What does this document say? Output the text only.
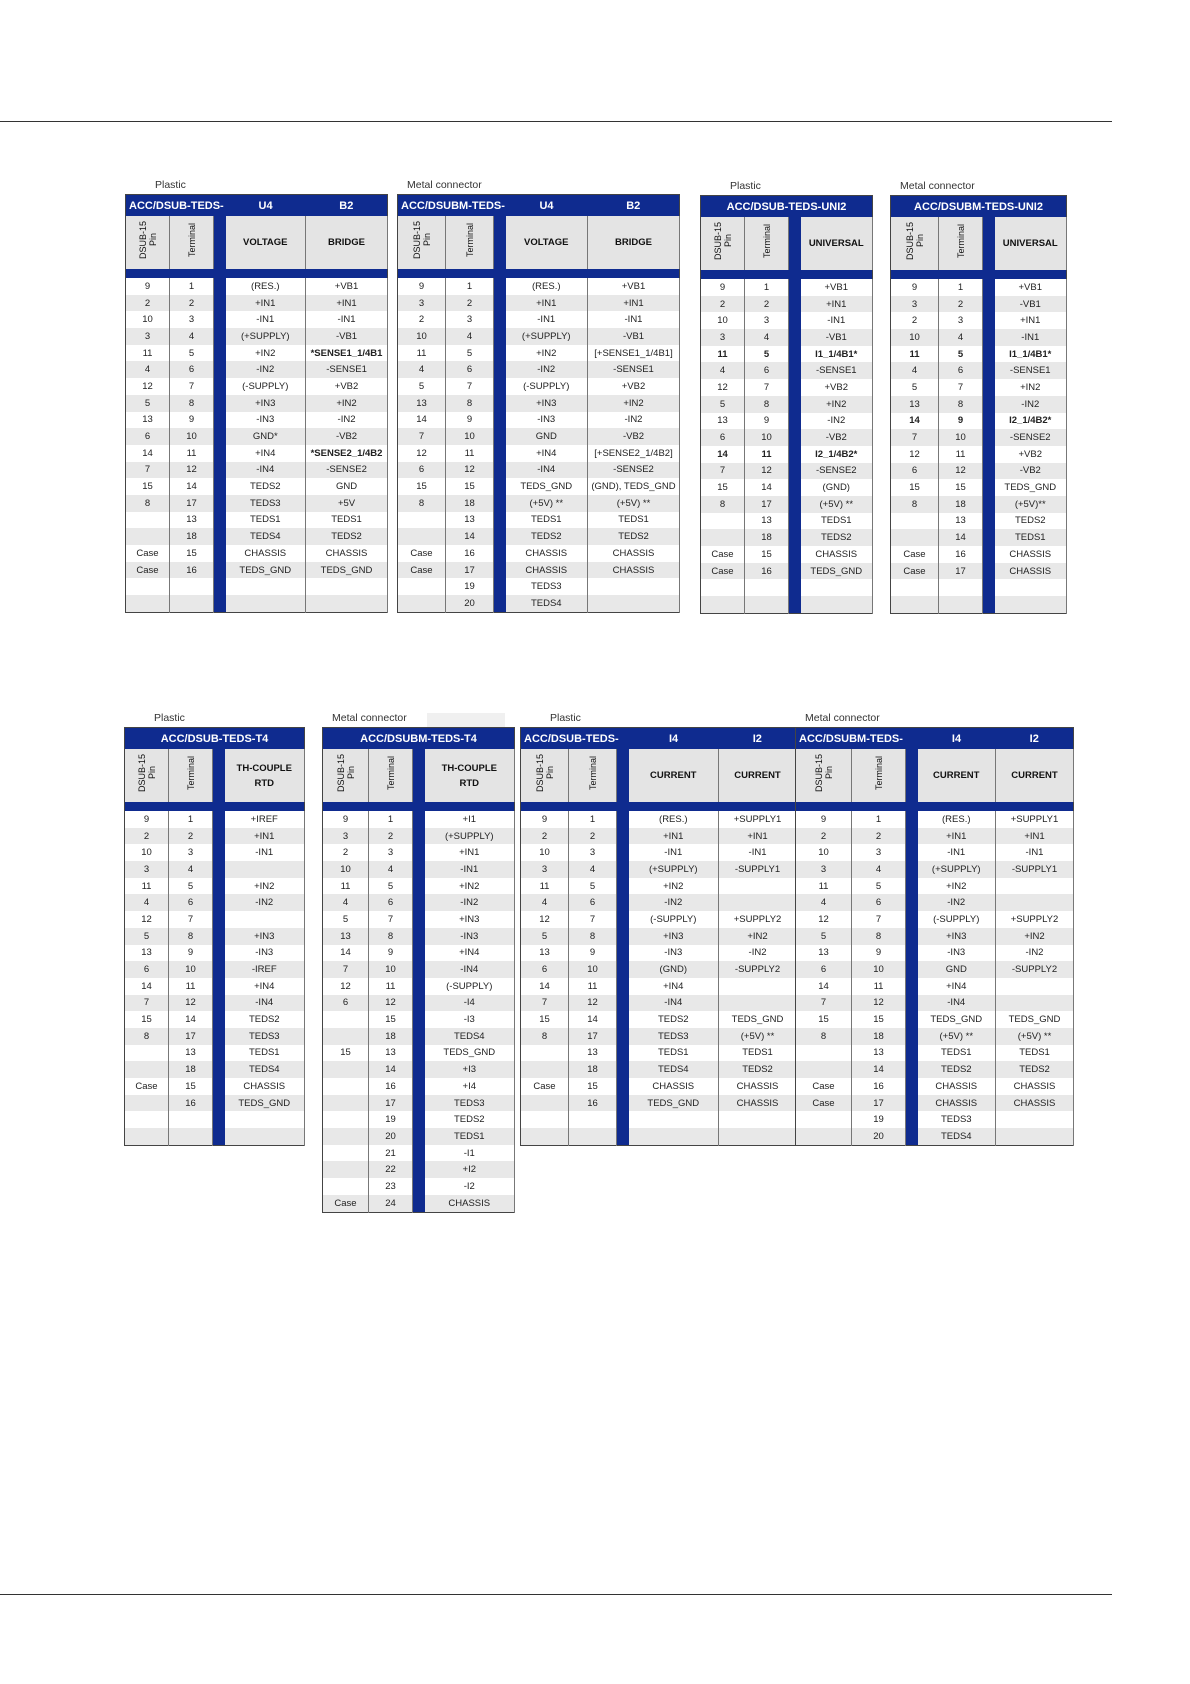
Plastic
ACC/DSUB-TEDS-			U4	B2
DSUB-15
Pin	Terminal		VOLTAGE	BRIDGE

9	1		(RES.)	+VB1
2	2		+IN1	+IN1
10	3		-IN1	-IN1
3	4		(+SUPPLY)	-VB1
11	5		+IN2	*SENSE1_1/4B1
4	6		-IN2	-SENSE1
12	7		(-SUPPLY)	+VB2
5	8		+IN3	+IN2
13	9		-IN3	-IN2
6	10		GND*	-VB2
14	11		+IN4	*SENSE2_1/4B2
7	12		-IN4	-SENSE2
15	14		TEDS2	GND
8	17		TEDS3	+5V
	13		TEDS1	TEDS1
	18		TEDS4	TEDS2
Case	15		CHASSIS	CHASSIS
Case	16		TEDS_GND	TEDS_GND

Metal connector
ACC/DSUBM-TEDS-			U4	B2
DSUB-15
Pin	Terminal		VOLTAGE	BRIDGE

9	1		(RES.)	+VB1
3	2		+IN1	+IN1
2	3		-IN1	-IN1
10	4		(+SUPPLY)	-VB1
11	5		+IN2	[+SENSE1_1/4B1]
4	6		-IN2	-SENSE1
5	7		(-SUPPLY)	+VB2
13	8		+IN3	+IN2
14	9		-IN3	-IN2
7	10		GND	-VB2
12	11		+IN4	[+SENSE2_1/4B2]
6	12		-IN4	-SENSE2
15	15		TEDS_GND	(GND), TEDS_GND
8	18		(+5V) **	(+5V) **
	13		TEDS1	TEDS1
	14		TEDS2	TEDS2
Case	16		CHASSIS	CHASSIS
Case	17		CHASSIS	CHASSIS
	19		TEDS3	
	20		TEDS4	
Plastic
ACC/DSUB-TEDS-UNI2			
DSUB-15
Pin	Terminal		UNIVERSAL

9	1		+VB1
2	2		+IN1
10	3		-IN1
3	4		-VB1
11	5		I1_1/4B1*
4	6		-SENSE1
12	7		+VB2
5	8		+IN2
13	9		-IN2
6	10		-VB2
14	11		I2_1/4B2*
7	12		-SENSE2
15	14		(GND)
8	17		(+5V) **
	13		TEDS1
	18		TEDS2
Case	15		CHASSIS
Case	16		TEDS_GND

Metal connector
ACC/DSUBM-TEDS-UNI2			
DSUB-15
Pin	Terminal		UNIVERSAL

9	1		+VB1
3	2		-VB1
2	3		+IN1
10	4		-IN1
11	5		I1_1/4B1*
4	6		-SENSE1
5	7		+IN2
13	8		-IN2
14	9		I2_1/4B2*
7	10		-SENSE2
12	11		+VB2
6	12		-VB2
15	15		TEDS_GND
8	18		(+5V)**
	13		TEDS2
	14		TEDS1
Case	16		CHASSIS
Case	17		CHASSIS

Plastic
ACC/DSUB-TEDS-T4			
DSUB-15
Pin	Terminal		TH-COUPLE
RTD

9	1		+IREF
2	2		+IN1
10	3		-IN1
3	4		
11	5		+IN2
4	6		-IN2
12	7		
5	8		+IN3
13	9		-IN3
6	10		-IREF
14	11		+IN4
7	12		-IN4
15	14		TEDS2
8	17		TEDS3
	13		TEDS1
	18		TEDS4
Case	15		CHASSIS
	16		TEDS_GND

Metal connector
ACC/DSUBM-TEDS-T4			
DSUB-15
Pin	Terminal		TH-COUPLE
RTD

9	1		+I1
3	2		(+SUPPLY)
2	3		+IN1
10	4		-IN1
11	5		+IN2
4	6		-IN2
5	7		+IN3
13	8		-IN3
14	9		+IN4
7	10		-IN4
12	11		(-SUPPLY)
6	12		-I4
	15		-I3
	18		TEDS4
15	13		TEDS_GND
	14		+I3
	16		+I4
	17		TEDS3
	19		TEDS2
	20		TEDS1
	21		-I1
	22		+I2
	23		-I2
Case	24		CHASSIS
Plastic
ACC/DSUB-TEDS-			I4	I2
DSUB-15
Pin	Terminal		CURRENT	CURRENT

9	1		(RES.)	+SUPPLY1
2	2		+IN1	+IN1
10	3		-IN1	-IN1
3	4		(+SUPPLY)	-SUPPLY1
11	5		+IN2	
4	6		-IN2	
12	7		(-SUPPLY)	+SUPPLY2
5	8		+IN3	+IN2
13	9		-IN3	-IN2
6	10		(GND)	-SUPPLY2
14	11		+IN4	
7	12		-IN4	
15	14		TEDS2	TEDS_GND
8	17		TEDS3	(+5V) **
	13		TEDS1	TEDS1
	18		TEDS4	TEDS2
Case	15		CHASSIS	CHASSIS
	16		TEDS_GND	CHASSIS

Metal connector
ACC/DSUBM-TEDS-			I4	I2
DSUB-15
Pin	Terminal		CURRENT	CURRENT

9	1		(RES.)	+SUPPLY1
2	2		+IN1	+IN1
10	3		-IN1	-IN1
3	4		(+SUPPLY)	-SUPPLY1
11	5		+IN2	
4	6		-IN2	
12	7		(-SUPPLY)	+SUPPLY2
5	8		+IN3	+IN2
13	9		-IN3	-IN2
6	10		GND	-SUPPLY2
14	11		+IN4	
7	12		-IN4	
15	15		TEDS_GND	TEDS_GND
8	18		(+5V) **	(+5V) **
	13		TEDS1	TEDS1
	14		TEDS2	TEDS2
Case	16		CHASSIS	CHASSIS
Case	17		CHASSIS	CHASSIS
	19		TEDS3	
	20		TEDS4	
